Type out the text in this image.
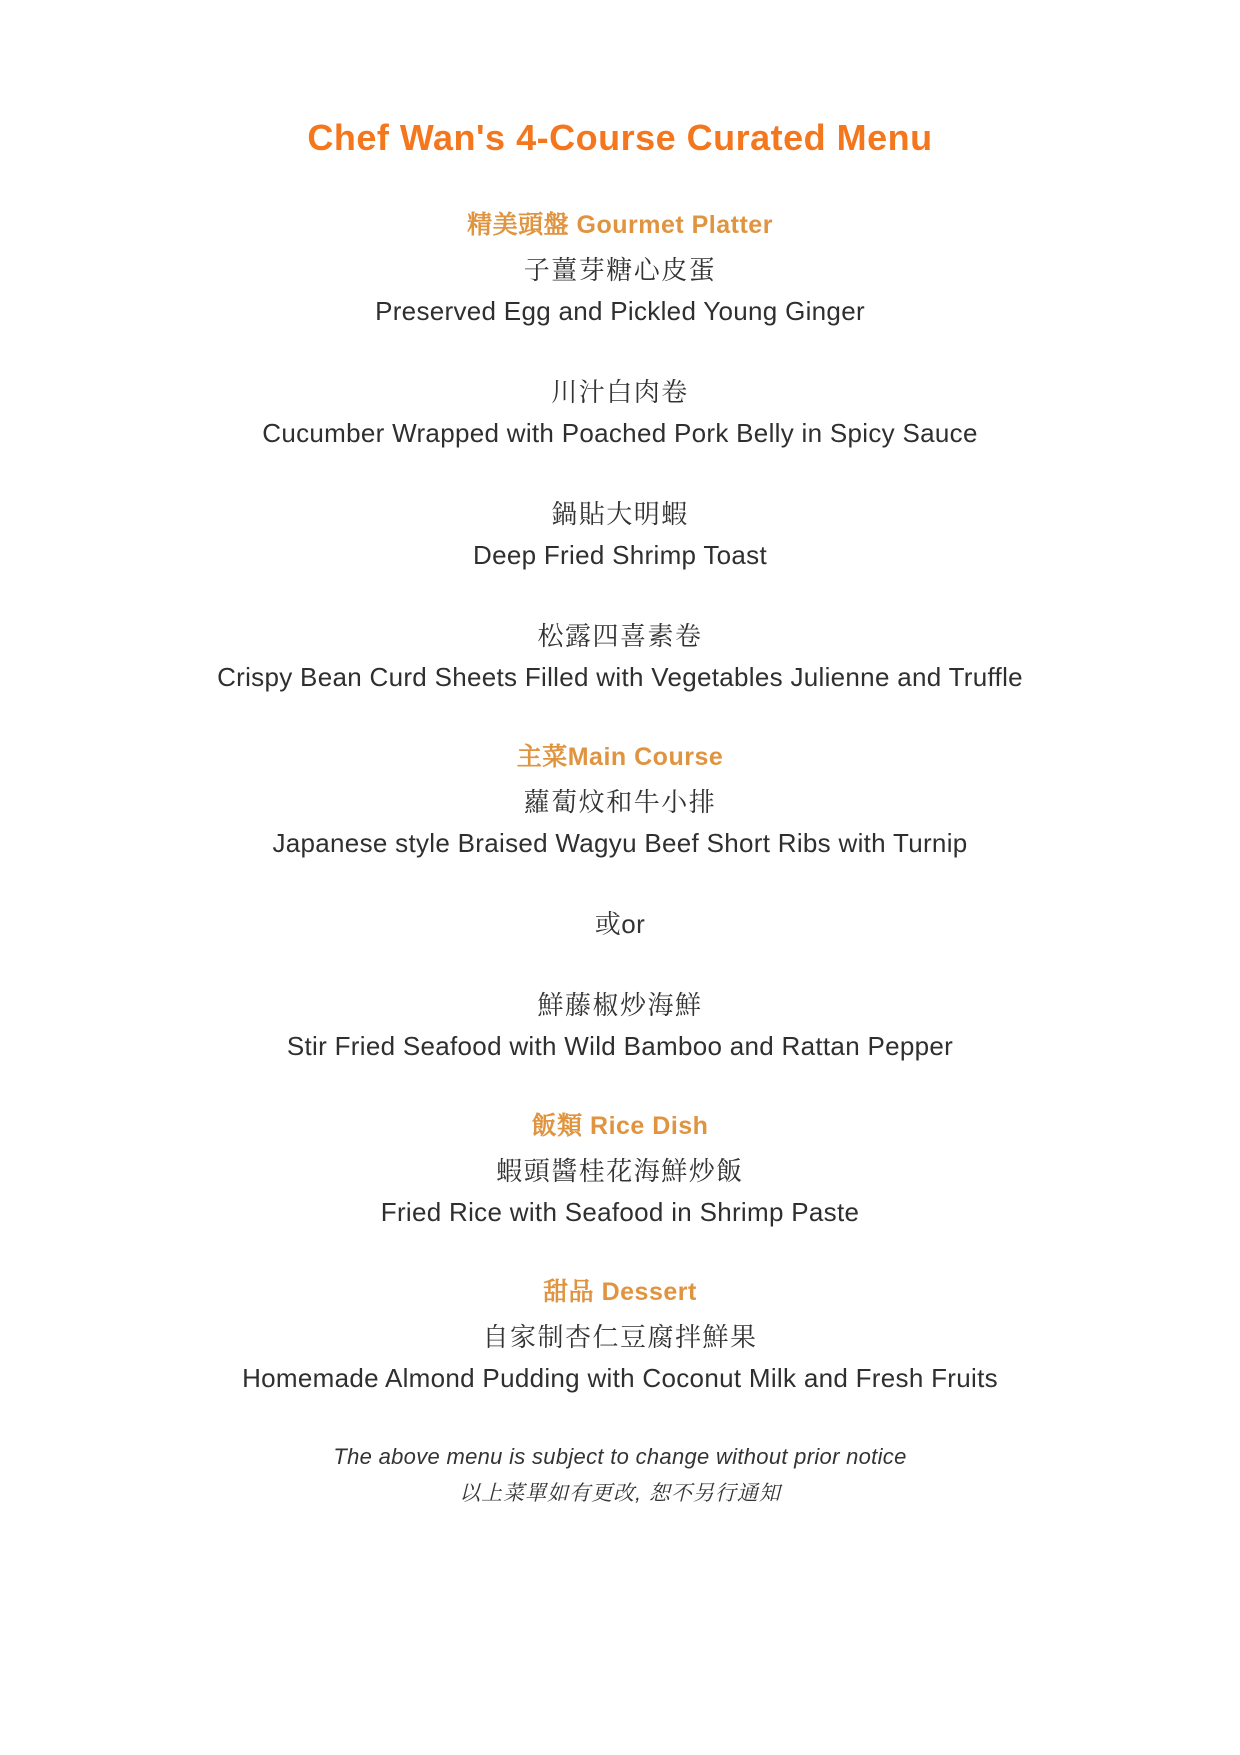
Chef Wan's 4-Course Curated Menu
精美頭盤 Gourmet Platter
子薑芽糖心皮蛋
Preserved Egg and Pickled Young Ginger
川汁白肉卷
Cucumber Wrapped with Poached Pork Belly in Spicy Sauce
鍋貼大明蝦
Deep Fried Shrimp Toast
松露四喜素卷
Crispy Bean Curd Sheets Filled with Vegetables Julienne and Truffle
主菜Main Course
蘿蔔炆和牛小排
Japanese style Braised Wagyu Beef Short Ribs with Turnip
或or
鮮藤椒炒海鮮
Stir Fried Seafood with Wild Bamboo and Rattan Pepper
飯類 Rice Dish
蝦頭醬桂花海鮮炒飯
Fried Rice with Seafood in Shrimp Paste
甜品 Dessert
自家制杏仁豆腐拌鮮果
Homemade Almond Pudding with Coconut Milk and Fresh Fruits
The above menu is subject to change without prior notice
以上菜單如有更改, 恕不另行通知
